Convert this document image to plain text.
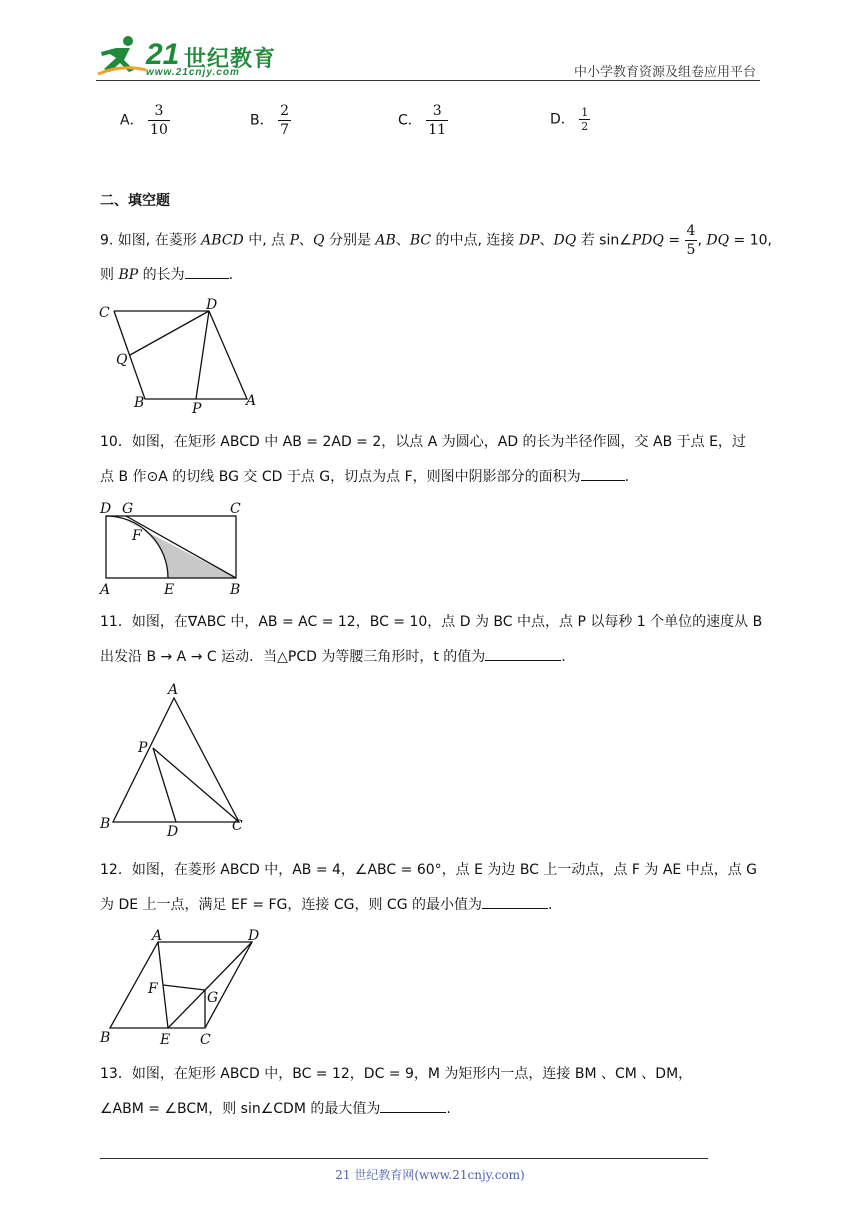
21 世纪教育
www.21cnjy.com	中小学教育资源及组卷应用平台
A． $\frac{3}{10}$	B． $\frac{2}{7}$	C． $\frac{3}{11}$	D． $\frac{1}{2}$
二、填空题
9. 如图, 在菱形 ABCD 中, 点 P、Q 分别是 AB、BC 的中点, 连接 DP、DQ 若 sin∠PDQ = $\frac{4}{5}$ , DQ = 10,
则 BP 的长为	.
C	D
Q
B	P	A
10．如图，在矩形 ABCD 中 AB = 2AD = 2，以点 A 为圆心，AD 的长为半径作圆，交 AB 于点 E，过
点 B 作⊙A 的切线 BG 交 CD 于点 G，切点为点 F，则图中阴影部分的面积为	.
D G	C
F
A	E	B
11．如图，在∇ABC 中，AB = AC = 12，BC = 10，点 D 为 BC 中点，点 P 以每秒 1 个单位的速度从 B
出发沿 B → A → C 运动．当△PCD 为等腰三角形时，t 的值为	.
A
P
B	D	C
12．如图，在菱形 ABCD 中，AB = 4，∠ABC = 60°，点 E 为边 BC 上一动点，点 F 为 AE 中点，点 G
为 DE 上一点，满足 EF = FG，连接 CG，则 CG 的最小值为	.
A	D
F
G
B	E C
13．如图，在矩形 ABCD 中，BC = 12，DC = 9，M 为矩形内一点，连接 BM 、CM 、DM，
∠ABM = ∠BCM，则 sin∠CDM 的最大值为	.
21 世纪教育网(www.21cnjy.com)
